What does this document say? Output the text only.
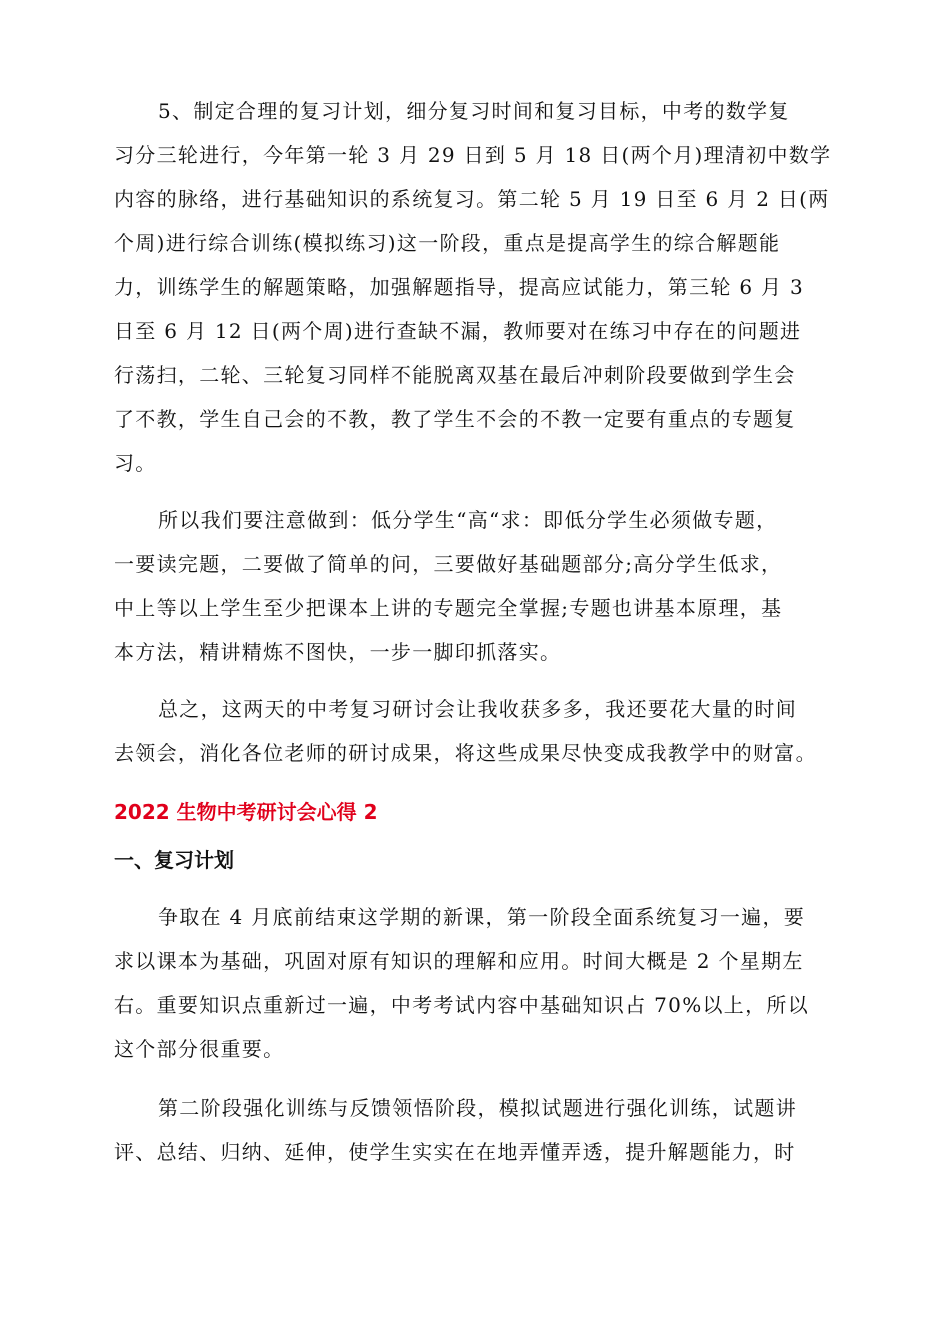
5、制定合理的复习计划，细分复习时间和复习目标，中考的数学复
习分三轮进行，今年第一轮 3 月 29 日到 5 月 18 日(两个月)理清初中数学
内容的脉络，进行基础知识的系统复习。第二轮 5 月 19 日至 6 月 2 日(两
个周)进行综合训练(模拟练习)这一阶段，重点是提高学生的综合解题能
力，训练学生的解题策略，加强解题指导，提高应试能力，第三轮 6 月 3
日至 6 月 12 日(两个周)进行查缺不漏，教师要对在练习中存在的问题进
行荡扫，二轮、三轮复习同样不能脱离双基在最后冲刺阶段要做到学生会
了不教，学生自己会的不教，教了学生不会的不教一定要有重点的专题复
习。
所以我们要注意做到：低分学生“高“求：即低分学生必须做专题，
一要读完题，二要做了简单的问，三要做好基础题部分;高分学生低求，
中上等以上学生至少把课本上讲的专题完全掌握;专题也讲基本原理，基
本方法，精讲精炼不图快，一步一脚印抓落实。
总之，这两天的中考复习研讨会让我收获多多，我还要花大量的时间
去领会，消化各位老师的研讨成果，将这些成果尽快变成我教学中的财富。
2022 生物中考研讨会心得 2
一、复习计划
争取在 4 月底前结束这学期的新课，第一阶段全面系统复习一遍，要
求以课本为基础，巩固对原有知识的理解和应用。时间大概是 2 个星期左
右。重要知识点重新过一遍，中考考试内容中基础知识占 70%以上，所以
这个部分很重要。
第二阶段强化训练与反馈领悟阶段，模拟试题进行强化训练，试题讲
评、总结、归纳、延伸，使学生实实在在地弄懂弄透，提升解题能力，时
